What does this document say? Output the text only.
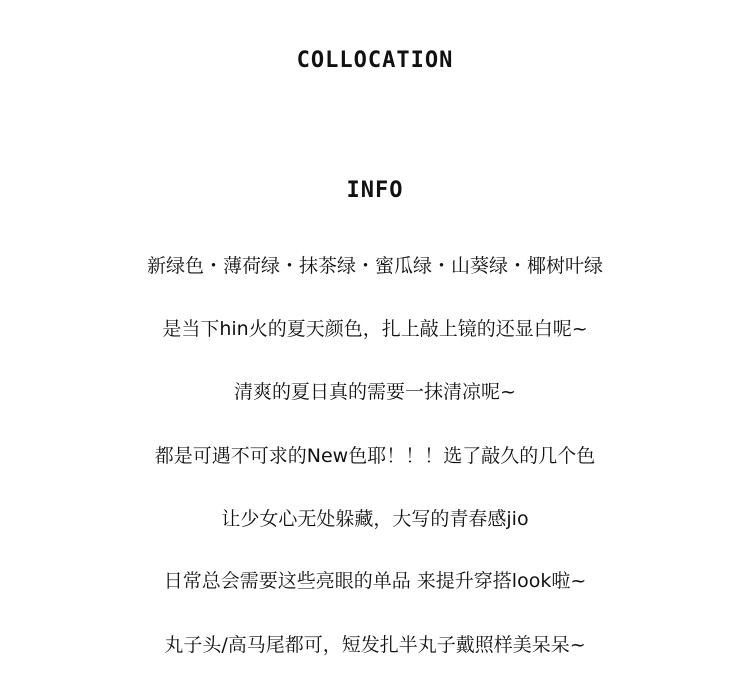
COLLOCATION
INFO
新绿色・薄荷绿・抹茶绿・蜜瓜绿・山葵绿・椰树叶绿
是当下hin火的夏天颜色，扎上敲上镜的还显白呢~
清爽的夏日真的需要一抹清凉呢~
都是可遇不可求的New色耶！！！选了敲久的几个色
让少女心无处躲藏，大写的青春感jio
日常总会需要这些亮眼的单品 来提升穿搭look啦~
丸子头/高马尾都可，短发扎半丸子戴照样美呆呆~
